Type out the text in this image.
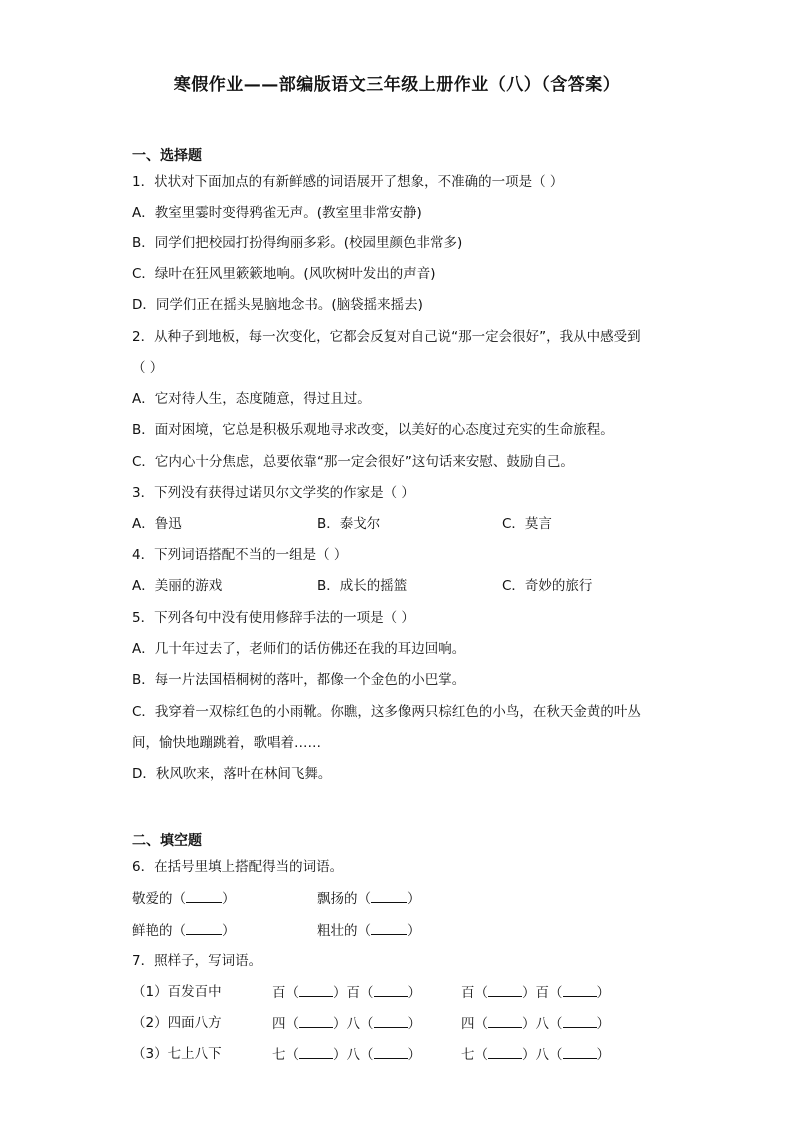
寒假作业——部编版语文三年级上册作业（八）（含答案）
一、选择题
1．状状对下面加点的有新鲜感的词语展开了想象，不准确的一项是（ ）
A．教室里霎时变得鸦雀无声。(教室里非常安静)
B．同学们把校园打扮得绚丽多彩。(校园里颜色非常多)
C．绿叶在狂风里簌簌地响。(风吹树叶发出的声音)
D．同学们正在摇头晃脑地念书。(脑袋摇来摇去)
2．从种子到地板，每一次变化，它都会反复对自己说“那一定会很好”，我从中感受到
（ ）
A．它对待人生，态度随意，得过且过。
B．面对困境，它总是积极乐观地寻求改变，以美好的心态度过充实的生命旅程。
C．它内心十分焦虑，总要依靠“那一定会很好”这句话来安慰、鼓励自己。
3．下列没有获得过诺贝尔文学奖的作家是（ ）
A．鲁迅	B．泰戈尔	C．莫言
4．下列词语搭配不当的一组是（ ）
A．美丽的游戏	B．成长的摇篮	C．奇妙的旅行
5．下列各句中没有使用修辞手法的一项是（ ）
A．几十年过去了，老师们的话仿佛还在我的耳边回响。
B．每一片法国梧桐树的落叶，都像一个金色的小巴掌。
C．我穿着一双棕红色的小雨靴。你瞧，这多像两只棕红色的小鸟，在秋天金黄的叶丛
间，愉快地蹦跳着，歌唱着……
D．秋风吹来，落叶在林间飞舞。
二、填空题
6．在括号里填上搭配得当的词语。
敬爱的（	）	飘扬的（	）
鲜艳的（	）	粗壮的（	）
7．照样子，写词语。
（1）百发百中	百（	）百（	）	百（	）百（	）
（2）四面八方	四（	）八（	）	四（	）八（	）
（3）七上八下	七（	）八（	）	七（	）八（	）
